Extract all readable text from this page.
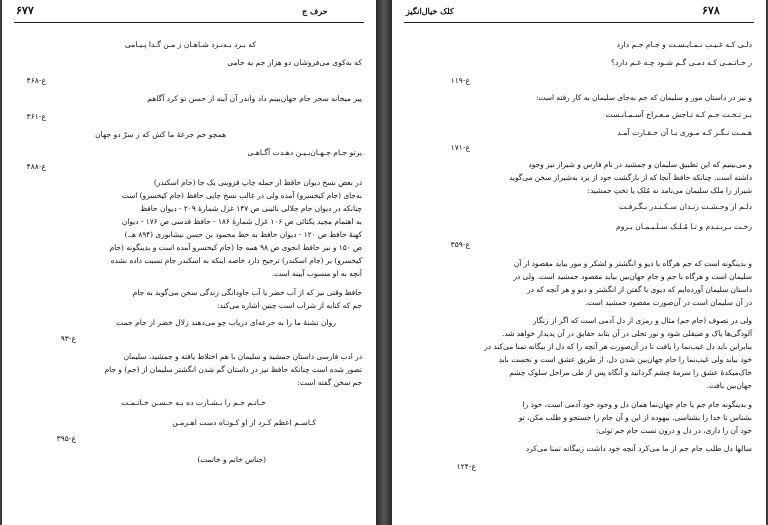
۶۷۷	حرف ج
که بـرد بـه‌نـزد شـاهـان ز مـن گـدا پـیـامی
که به‌کوی می‌فروشان دو هزار جم به جامی
غ-۴۶۸
پیر میخانه سحر جام جهان‌بینم داد واندر آن آینه از حسن تو کرد آگاهم
غ-۳۶۱
همچو جم جرعهٔ ما کش که ز سرّ دو جهان
پرتو جـام جـهـان‌بـیـن دهـدت آگـاهـی
غ-۴۸۸
در بعض نسخ دیوان حافظ از جمله چاپ قزوینی یک جا (جام اسکندر)
به‌جای (جام کیخسرو) آمده ولی در غالب نسخ چاپی حافظ (جام کیخسرو) است
چنانکه در دیوان جام جلالی نائینی ص ۱۴۷ غزل شمارهٔ ۲۰۹ - دیوان حافظ
به اهتمام مجید یکتائی ص ۱۰۶ غزل شمارهٔ ۱۸۶ - حافظ قدسی ص ۱۷۶ - دیوان
کهنهٔ حافظ ص ۱۲۰ - دیوان حافظ به خط محمود بن حسن نیشابوری (۸۹۴ هـ.)
ص ۱۵۰ و نیز حافظ انجوی ص ۹۸ همه جا (جام کیخسرو آمده است و بدینگونه (جام
کیخسرو) بر (جام اسکندر) ترجیح دارد خاصه اینکه به اسکندر جام نسبت داده نشده
آنچه به او منسوب آیینه است.
حافظ وقتی نیز که از آب خضر یا آب جاودانگی زندگی سخن می‌گوید به جام
جم که کنایه از شراب است چنین اشاره می‌کند:
روان تشنهٔ ما را به جرعه‌ای دریاب چو می‌دهند زلال خضر از جام جمت
غ-۹۳
در ادب فارسی داستان جمشید و سلیمان با هم اختلاط یافته و جمشید، سلیمان
تصور شده است چنانکه حافظ نیز در داستان گم شدن انگشتر سلیمان از (جم) و جام
جم سخن گفته است:
خـاتـم جـم را بـشـارت ده بـه حـسـن خـاتـمـت
کـاسـم اعظم کـرد از او کـوتـاه دست اهـرمـن
غ-۳۹۵
(جناس خاتم و خاتمت)
۶۷۸
کلک خیال‌انگیز
دلـی کـه غـیـب نـمـایـسـت و جـام جـم دارد
ز خـاتـمـی کـه دمـی گـم شـود چـه غـم دارد؟
غ-۱۱۹
و نیز در داستان مور و سلیمان که جم به‌جای سلیمان به کار رفته است:
بـر تـخـت جـم کـه تـاجش مـعـراج آسـمـانـست
هـمـت نـگـر کـه مـوری بـا آن حـقـارت آمـد
غ-۱۷۱
و می‌بینیم که این تطبیق سلیمان و جمشید در نام فارس و شیراز نیز وجود
داشته است. چنانکه حافظ آنجا که از بازگشت خود از یزد به‌شیراز سخن می‌گوید
شیراز را ملک سلیمان می‌نامد نه مُلک یا تختِ جمشید:
دلـم از وحـشـت زنـدان سـکـنـدر بـگـرفـت
رخـت بـربـنـدم و تـا مُـلـک سـلـیـمـان بـروم
غ-۳۵۹
و بدینگونه است که جم هرگاه با دیو و انگشتر و لشکر و مور بیاید مقصود از آن
سلیمان است و هرگاه با جم و جام جهان‌بین بیاید مقصود جمشید است. ولی در
داستان سلیمان آورده‌ایم که دیوی با گفتن از انگشتر و دیو و هر آنچه که در
در آن سلیمان است در آن‌صورت مقصود جمشید است.
ولی در تصوف (جام جم) مثال و رمزی از دل آدمی است که اگر از زنگار
آلودگی‌ها پاک و صیقلی شود و نور تجلی در آن بتابد حقایق در آن پدیدار خواهد شد.
بنابراین باید دل غیب‌نما را یافت تا در آن‌صورت هر آنچه را که دل از بیگانه تمنا می‌کند در
خود بیابد ولی غیب‌نما را جام جهان‌بین شدن دل، از طریق عشق است و نخست باید
خاک‌میکدهٔ عشق را سرمهٔ چشم گردانید و آنگاه پس از طی مراحل سلوک چشم
جهان‌بین یافت.
و بدینگونه جام جم یا جام جهان‌نما همان دل و وجود خود آدمی است، خود را
بشناس تا خدا را بشناسی. بیهوده از این و آن جام را جستجو و طلب مکن، تو
خود آن را داری، در دل و درون تست جام جم توئی:
سالها دل طلب جام جم از ما می‌کرد آنچه خود داشت زبیگانه تمنا می‌کرد
غ-۱۲۴
